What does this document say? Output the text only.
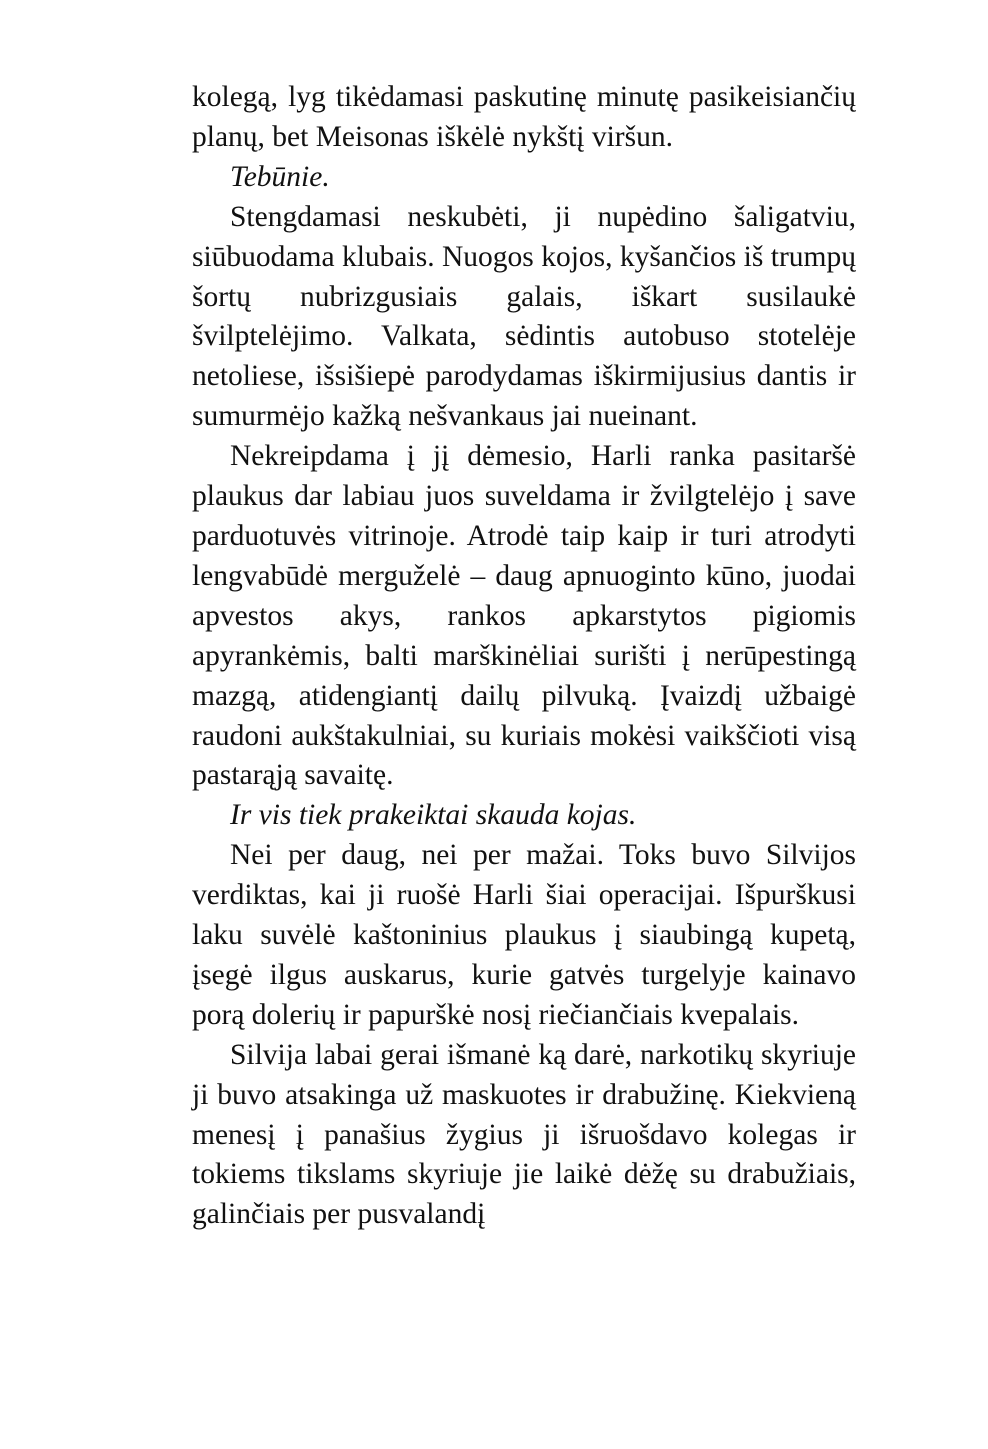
kolegą, lyg tikėdamasi paskutinę minutę pasikeisiančių planų, bet Meisonas iškėlė nykštį viršun.

Tebūnie.

Stengdamasi neskubėti, ji nupėdino šaligatviu, siūbuodama klubais. Nuogos kojos, kyšančios iš trumpų šortų nubrizgusiais galais, iškart susilaukė švilptelėjimo. Valkata, sėdintis autobuso stotelėje netoliese, išsišiepė parodydamas iškirmijusius dantis ir sumurmėjo kažką nešvankaus jai nueinant.

Nekreipdama į jį dėmesio, Harli ranka pasitaršė plaukus dar labiau juos suveldama ir žvilgtelėjo į save parduotuvės vitrinoje. Atrodė taip kaip ir turi atrodyti lengvabūdė merguželė – daug apnuoginto kūno, juodai apvestos akys, rankos apkarstytos pigiomis apyrankėmis, balti marškinėliai surišti į nerūpestingą mazgą, atidengiantį dailų pilvuką. Įvaizdį užbaigė raudoni aukštakulniai, su kuriais mokėsi vaikščioti visą pastarąją savaitę.

Ir vis tiek prakeiktai skauda kojas.

Nei per daug, nei per mažai. Toks buvo Silvijos verdiktas, kai ji ruošė Harli šiai operacijai. Išpurškusi laku suvėlė kaštoninius plaukus į siaubingą kupetą, įsegė ilgus auskarus, kurie gatvės turgelyje kainavo porą dolerių ir papurškė nosį riečiančiais kvepalais.

Silvija labai gerai išmanė ką darė, narkotikų skyriuje ji buvo atsakinga už maskuotes ir drabužinę. Kiekvieną menesį į panašius žygius ji išruošdavo kolegas ir tokiems tikslams skyriuje jie laikė dėžę su drabužiais, galinčiais per pusvalandį
